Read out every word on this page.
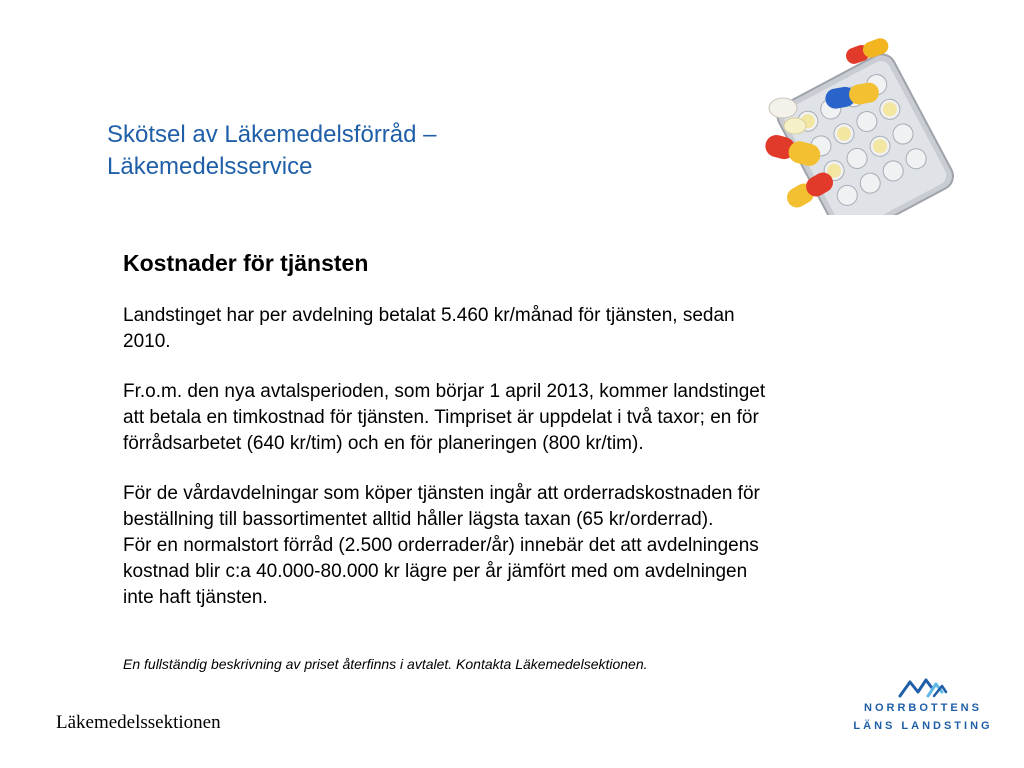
Skötsel av Läkemedelsförråd –
Läkemedelsservice

Kostnader för tjänsten

Landstinget har per avdelning betalat 5.460 kr/månad för tjänsten, sedan
2010.

Fr.o.m. den nya avtalsperioden, som börjar 1 april 2013, kommer landstinget
att betala en timkostnad för tjänsten. Timpriset är uppdelat i två taxor; en för
förrådsarbetet (640 kr/tim) och en för planeringen (800 kr/tim).

För de vårdavdelningar som köper tjänsten ingår att orderradskostnaden för
beställning till bassortimentet alltid håller lägsta taxan (65 kr/orderrad).
För en normalstort förråd (2.500 orderrader/år) innebär det att avdelningens
kostnad blir c:a 40.000-80.000 kr lägre per år jämfört med om avdelningen
inte haft tjänsten.

En fullständig beskrivning av priset återfinns i avtalet. Kontakta Läkemedelsektionen.
Läkemedelssektionen
NORRBOTTENS
LÄNS LANDSTING
